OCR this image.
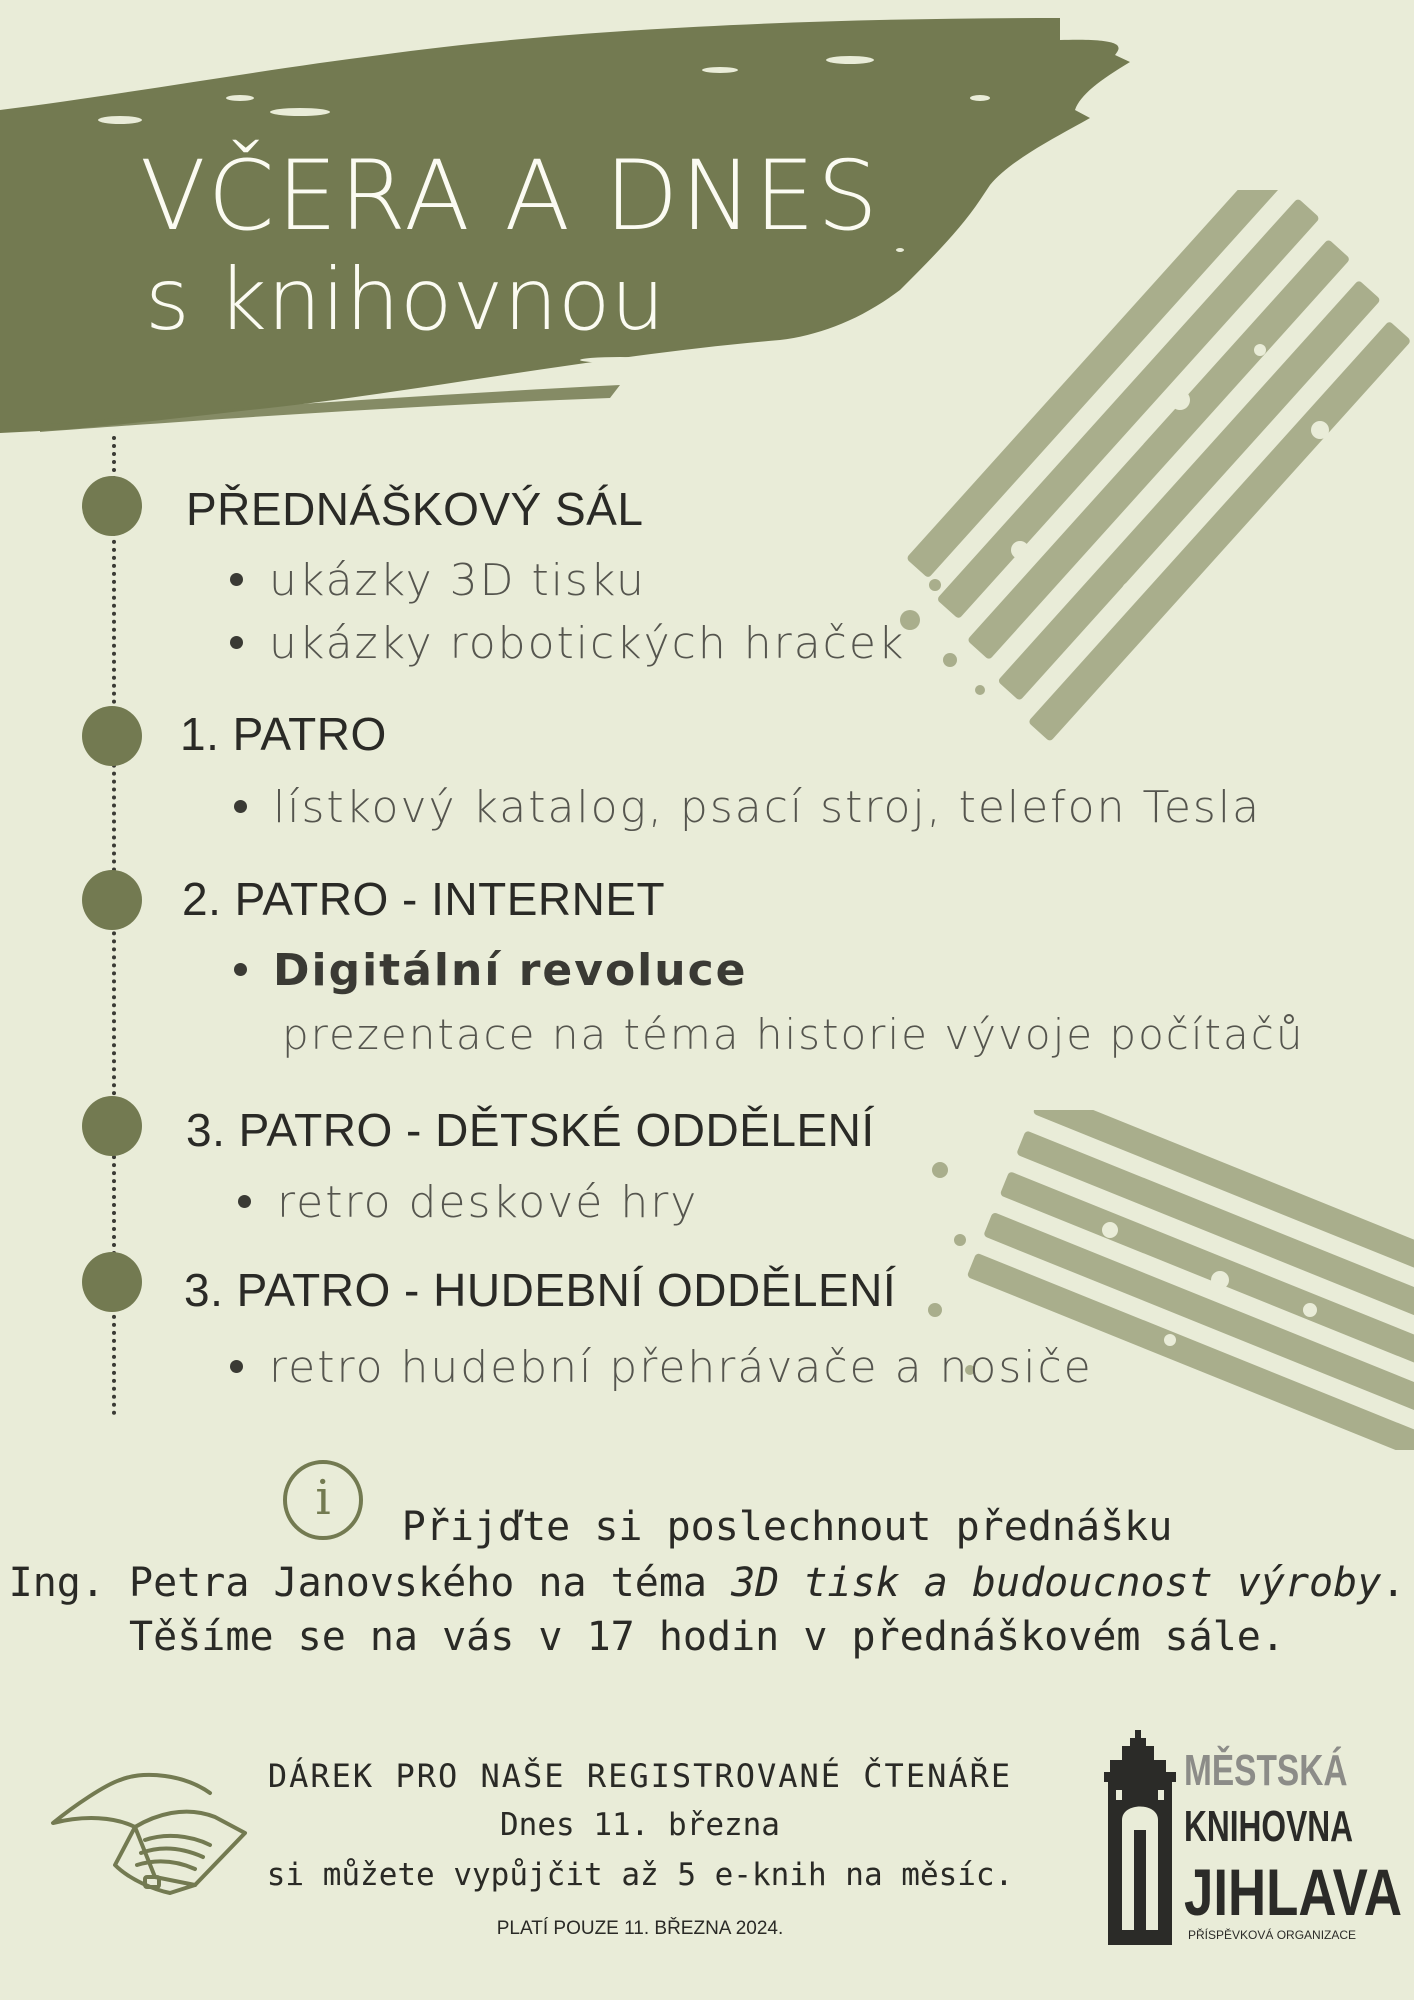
VČERA A DNES
s knihovnou
PŘEDNÁŠKOVÝ SÁL
ukázky 3D tisku
ukázky robotických hraček
1. PATRO
lístkový katalog, psací stroj, telefon Tesla
2. PATRO - INTERNET
Digitální revoluce
prezentace na téma historie vývoje počítačů
3. PATRO - DĚTSKÉ ODDĚLENÍ
retro deskové hry
3. PATRO - HUDEBNÍ ODDĚLENÍ
retro hudební přehrávače a nosiče
i
Přijďte si poslechnout přednášku
Ing. Petra Janovského na téma 3D tisk a budoucnost výroby.
Těšíme se na vás v 17 hodin v přednáškovém sále.
DÁREK PRO NAŠE REGISTROVANÉ ČTENÁŘE
Dnes 11. března
si můžete vypůjčit až 5 e-knih na měsíc.
PLATÍ POUZE 11. BŘEZNA 2024.
MĚSTSKÁ
KNIHOVNA
JIHLAVA
PŘÍSPĚVKOVÁ ORGANIZACE
